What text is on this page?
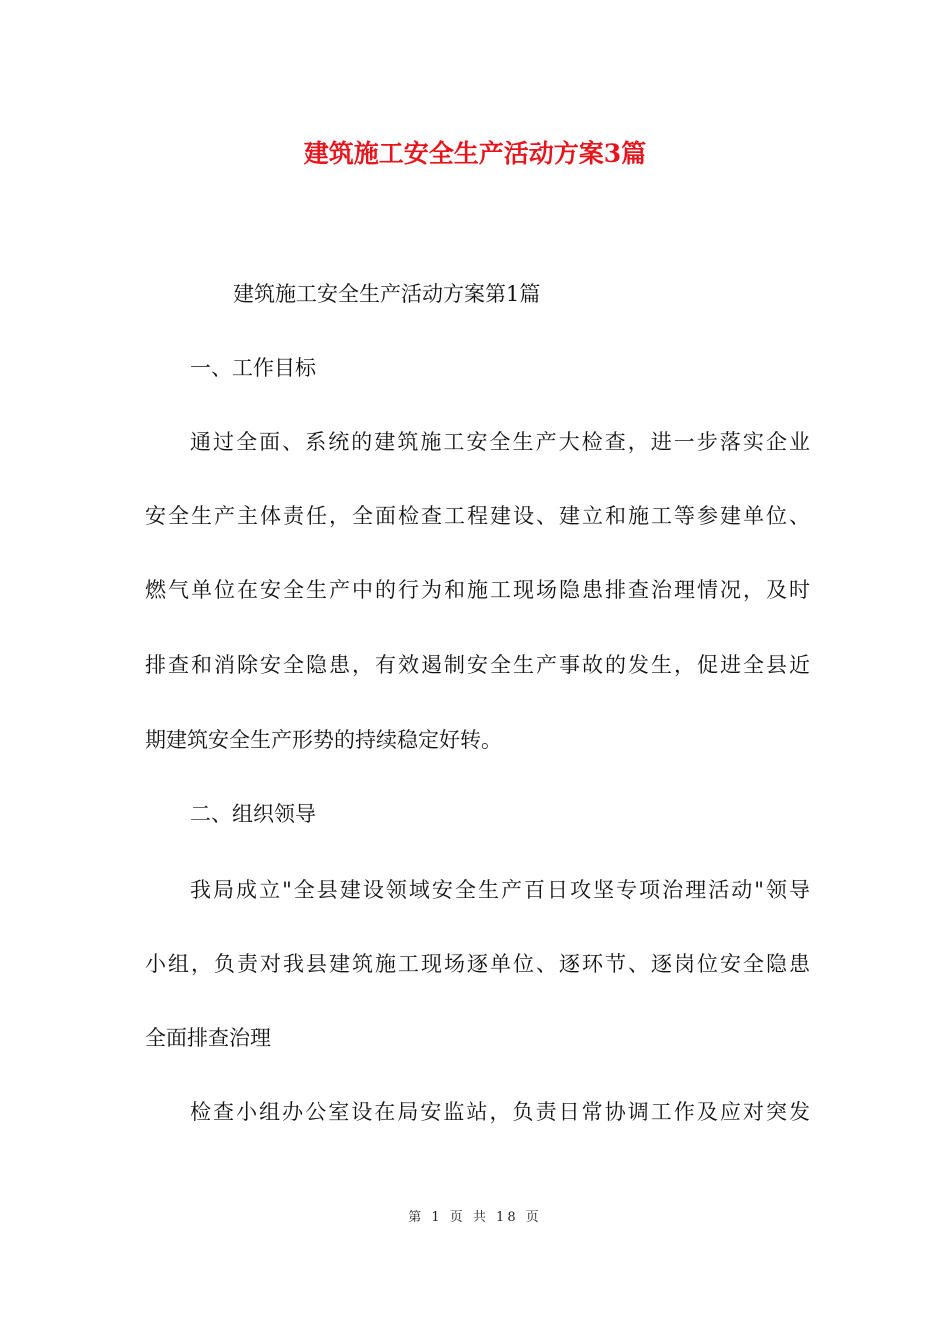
建筑施工安全生产活动方案3篇

建筑施工安全生产活动方案第1篇

一、工作目标

通过全面、系统的建筑施工安全生产大检查，进一步落实企业

安全生产主体责任，全面检查工程建设、建立和施工等参建单位、

燃气单位在安全生产中的行为和施工现场隐患排查治理情况，及时

排查和消除安全隐患，有效遏制安全生产事故的发生，促进全县近

期建筑安全生产形势的持续稳定好转。

二、组织领导

我局成立"全县建设领域安全生产百日攻坚专项治理活动"领导

小组，负责对我县建筑施工现场逐单位、逐环节、逐岗位安全隐患

全面排查治理

检查小组办公室设在局安监站，负责日常协调工作及应对突发

第 1 页 共 18 页
